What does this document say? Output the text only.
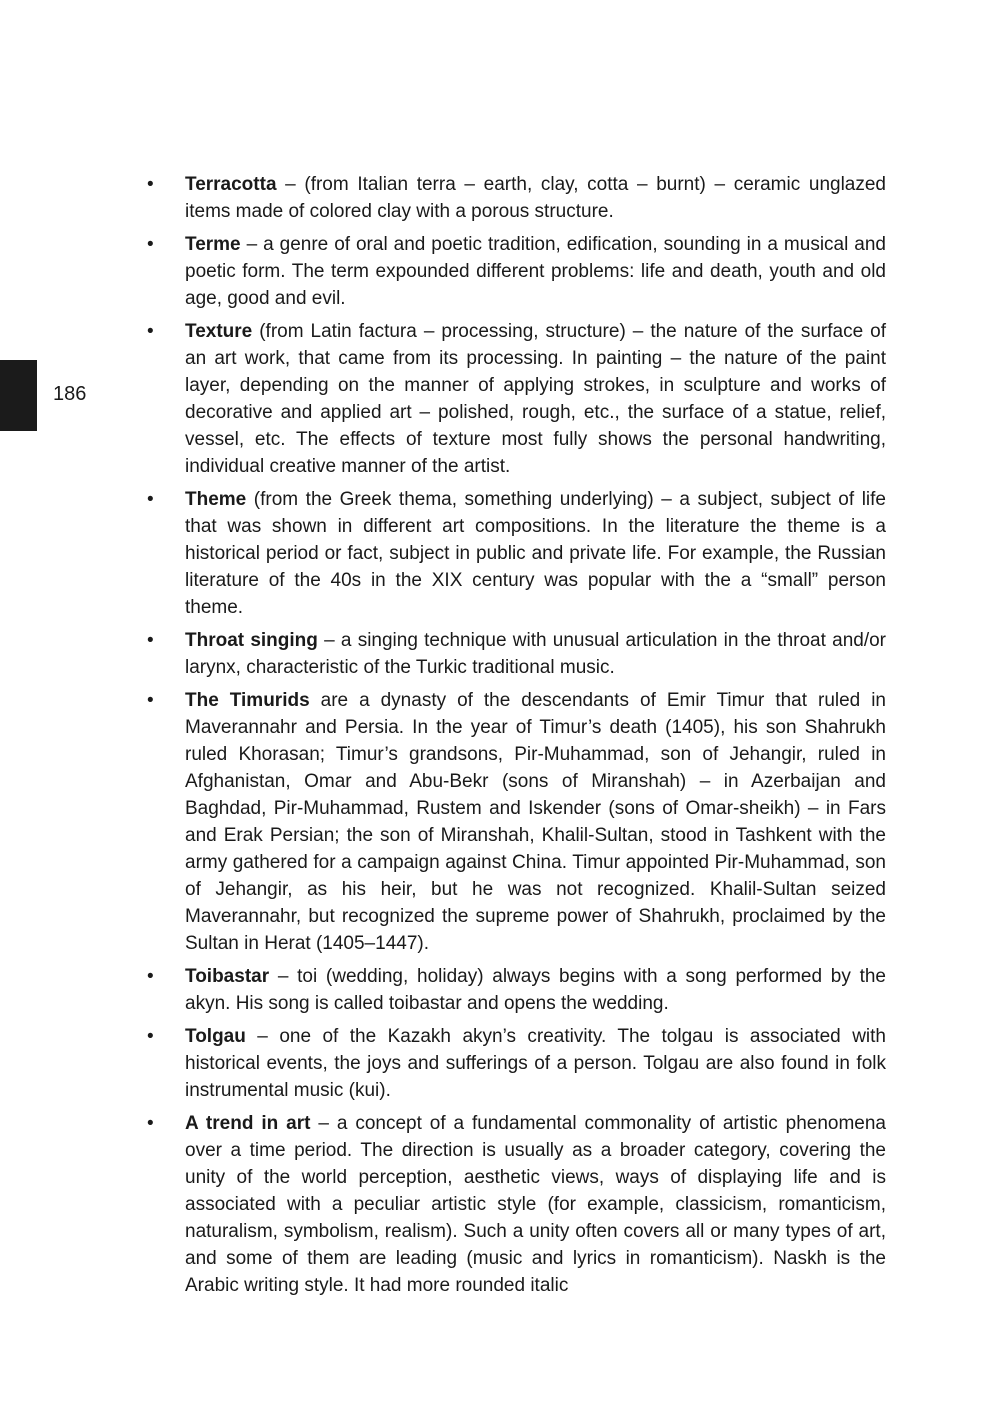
186
• Terracotta – (from Italian terra – earth, clay, cotta – burnt) – ceramic unglazed items made of colored clay with a porous structure.
• Terme – a genre of oral and poetic tradition, edification, sounding in a musical and poetic form. The term expounded different problems: life and death, youth and old age, good and evil.
• Texture (from Latin factura – processing, structure) – the nature of the surface of an art work, that came from its processing. In painting – the nature of the paint layer, depending on the manner of applying strokes, in sculpture and works of decorative and applied art – polished, rough, etc., the surface of a statue, relief, vessel, etc. The effects of texture most fully shows the personal handwriting, individual creative manner of the artist.
• Theme (from the Greek thema, something underlying) – a subject, subject of life that was shown in different art compositions. In the literature the theme is a historical period or fact, subject in public and private life. For example, the Russian literature of the 40s in the XIX century was popular with the a “small” person theme.
• Throat singing – a singing technique with unusual articulation in the throat and/or larynx, characteristic of the Turkic traditional music.
• The Timurids are a dynasty of the descendants of Emir Timur that ruled in Maverannahr and Persia. In the year of Timur’s death (1405), his son Shahrukh ruled Khorasan; Timur’s grandsons, Pir-Muhammad, son of Jehangir, ruled in Afghanistan, Omar and Abu-Bekr (sons of Miranshah) – in Azerbaijan and Baghdad, Pir-Muhammad, Rustem and Iskender (sons of Omar-sheikh) – in Fars and Erak Persian; the son of Miranshah, Khalil-Sultan, stood in Tashkent with the army gathered for a campaign against China. Timur appointed Pir-Muhammad, son of Jehangir, as his heir, but he was not recognized. Khalil-Sultan seized Maverannahr, but recognized the supreme power of Shahrukh, proclaimed by the Sultan in Herat (1405–1447).
• Toibastar – toi (wedding, holiday) always begins with a song performed by the akyn. His song is called toibastar and opens the wedding.
• Tolgau – one of the Kazakh akyn’s creativity. The tolgau is associated with historical events, the joys and sufferings of a person. Tolgau are also found in folk instrumental music (kui).
• A trend in art – a concept of a fundamental commonality of artistic phenomena over a time period. The direction is usually as a broader category, covering the unity of the world perception, aesthetic views, ways of displaying life and is associated with a peculiar artistic style (for example, classicism, romanticism, naturalism, symbolism, realism). Such a unity often covers all or many types of art, and some of them are leading (music and lyrics in romanticism). Naskh is the Arabic writing style. It had more rounded italic
